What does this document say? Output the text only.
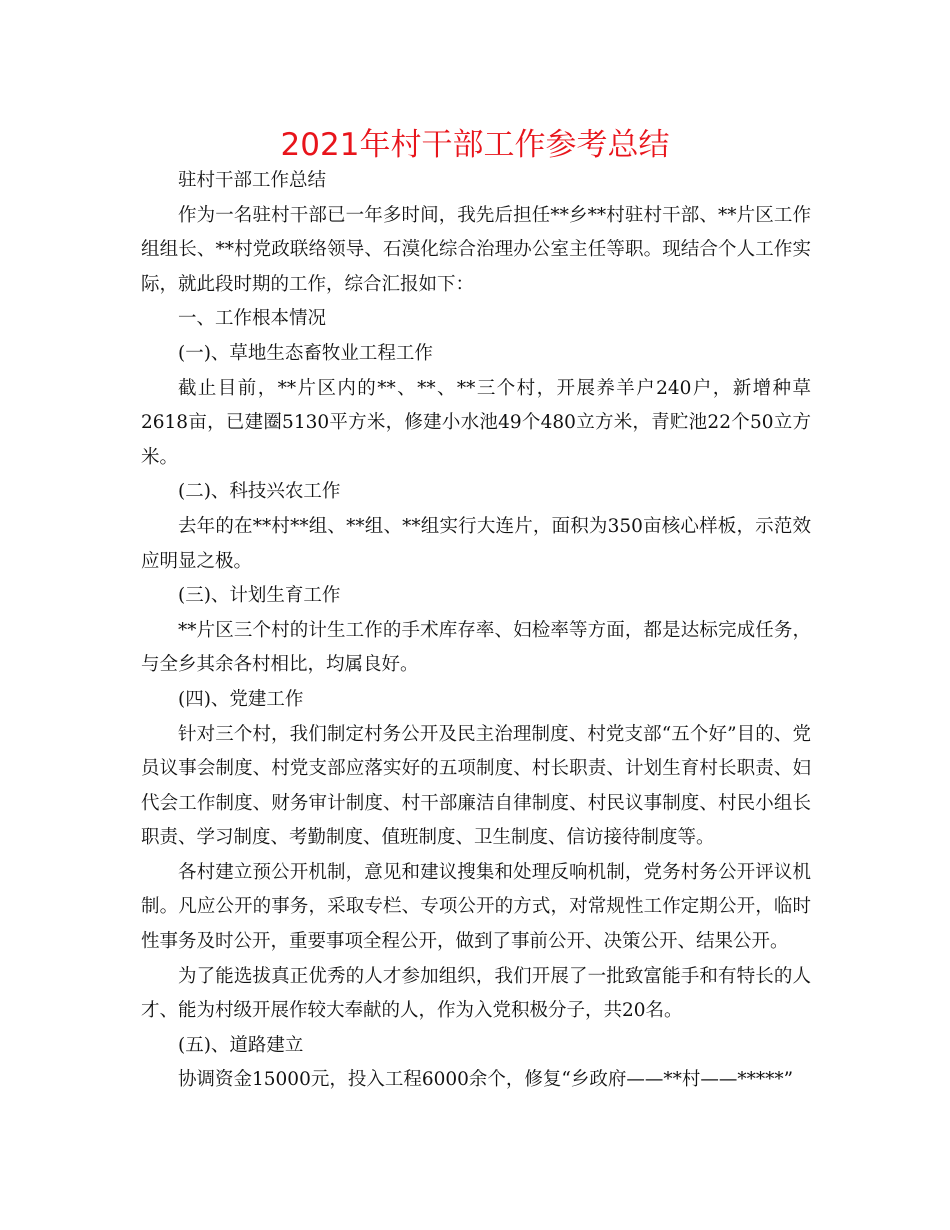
2021年村干部工作参考总结

驻村干部工作总结

作为一名驻村干部已一年多时间，我先后担任**乡**村驻村干部、**片区工作组组长、**村党政联络领导、石漠化综合治理办公室主任等职。现结合个人工作实际，就此段时期的工作，综合汇报如下：

一、工作根本情况

(一)、草地生态畜牧业工程工作

截止目前，**片区内的**、**、**三个村，开展养羊户240户，新增种草2618亩，已建圈5130平方米，修建小水池49个480立方米，青贮池22个50立方米。

(二)、科技兴农工作

去年的在**村**组、**组、**组实行大连片，面积为350亩核心样板，示范效应明显之极。

(三)、计划生育工作

**片区三个村的计生工作的手术库存率、妇检率等方面，都是达标完成任务，与全乡其余各村相比，均属良好。

(四)、党建工作

针对三个村，我们制定村务公开及民主治理制度、村党支部“五个好”目的、党员议事会制度、村党支部应落实好的五项制度、村长职责、计划生育村长职责、妇代会工作制度、财务审计制度、村干部廉洁自律制度、村民议事制度、村民小组长职责、学习制度、考勤制度、值班制度、卫生制度、信访接待制度等。

各村建立预公开机制，意见和建议搜集和处理反响机制，党务村务公开评议机制。凡应公开的事务，采取专栏、专项公开的方式，对常规性工作定期公开，临时性事务及时公开，重要事项全程公开，做到了事前公开、决策公开、结果公开。

为了能选拔真正优秀的人才参加组织，我们开展了一批致富能手和有特长的人才、能为村级开展作较大奉献的人，作为入党积极分子，共20名。

(五)、道路建立

协调资金15000元，投入工程6000余个，修复“乡政府——**村——*****”
